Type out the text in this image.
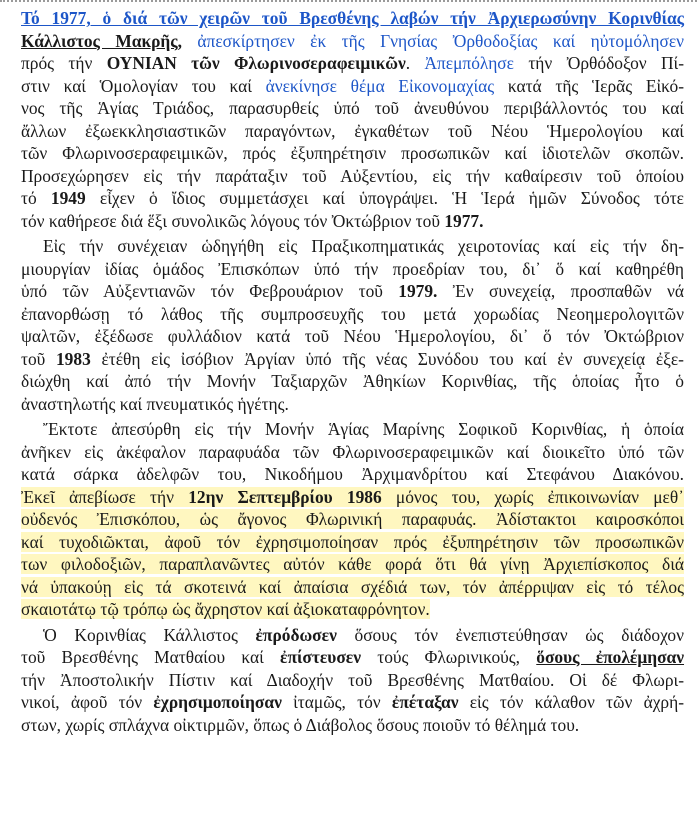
Τό 1977, ὁ διά τῶν χειρῶν τοῦ Βρεσθένης λαβών τήν Ἀρχιερωσύνην Κορινθίας
Κάλλιστος Μακρῆς, ἀπεσκίρτησεν ἐκ τῆς Γνησίας Ὀρθοδοξίας καί ηὐτομόλησεν
πρός τήν ΟΥΝΙΑΝ τῶν Φλωρινοσεραφειμικῶν. Ἀπεμπόλησε τήν Ὀρθόδοξον Πί-
στιν καί Ὁμολογίαν του καί ἀνεκίνησε θέμα Εἰκονομαχίας κατά τῆς Ἱερᾶς Εἰκό-
νος τῆς Ἁγίας Τριάδος, παρασυρθείς ὑπό τοῦ ἀνευθύνου περιβάλλοντός του καί
ἄλλων ἐξωεκκλησιαστικῶν παραγόντων, ἐγκαθέτων τοῦ Νέου Ἡμερολογίου καί
τῶν Φλωρινοσεραφειμικῶν, πρός ἐξυπηρέτησιν προσωπικῶν καί ἰδιοτελῶν σκοπῶν.
Προσεχώρησεν εἰς τήν παράταξιν τοῦ Αὐξεντίου, εἰς τήν καθαίρεσιν τοῦ ὁποίου
τό 1949 εἶχεν ὁ ἴδιος συμμετάσχει καί ὑπογράψει. Ἡ Ἱερά ἡμῶν Σύνοδος τότε
τόν καθήρεσε διά ἕξι συνολικῶς λόγους τόν Ὀκτώβριον τοῦ 1977.
Εἰς τήν συνέχειαν ὡδηγήθη εἰς Πραξικοπηματικάς χειροτονίας καί εἰς τήν δη-
μιουργίαν ἰδίας ὁμάδος Ἐπισκόπων ὑπό τήν προεδρίαν του, δι᾽ ὅ καί καθηρέθη
ὑπό τῶν Αὐξεντιανῶν τόν Φεβρουάριον τοῦ 1979. Ἐν συνεχείᾳ, προσπαθῶν νά
ἐπανορθώσῃ τό λάθος τῆς συμπροσευχῆς του μετά χορωδίας Νεοημερολογιτῶν
ψαλτῶν, ἐξέδωσε φυλλάδιον κατά τοῦ Νέου Ἡμερολογίου, δι᾽ ὅ τόν Ὀκτώβριον
τοῦ 1983 ἐτέθη εἰς ἰσόβιον Ἀργίαν ὑπό τῆς νέας Συνόδου του καί ἐν συνεχείᾳ ἐξε-
διώχθη καί ἀπό τήν Μονήν Ταξιαρχῶν Ἀθηκίων Κορινθίας, τῆς ὁποίας ἦτο ὁ
ἀναστηλωτής καί πνευματικός ἡγέτης.
Ἔκτοτε ἀπεσύρθη εἰς τήν Μονήν Ἁγίας Μαρίνης Σοφικοῦ Κορινθίας, ἡ ὁποία
ἀνῆκεν εἰς ἀκέφαλον παραφυάδα τῶν Φλωρινοσεραφειμικῶν καί διοικεῖτο ὑπό τῶν
κατά σάρκα ἀδελφῶν του, Νικοδήμου Ἀρχιμανδρίτου καί Στεφάνου Διακόνου.
Ἐκεῖ ἀπεβίωσε τήν 12ην Σεπτεμβρίου 1986 μόνος του, χωρίς ἐπικοινωνίαν μεθ᾽
οὐδενός Ἐπισκόπου, ὡς ἄγονος Φλωρινική παραφυάς. Ἀδίστακτοι καιροσκόποι
καί τυχοδιῶκται, ἀφοῦ τόν ἐχρησιμοποίησαν πρός ἐξυπηρέτησιν τῶν προσωπικῶν
των φιλοδοξιῶν, παραπλανῶντες αὐτόν κάθε φορά ὅτι θά γίνῃ Ἀρχιεπίσκοπος διά
νά ὑπακούῃ εἰς τά σκοτεινά καί ἀπαίσια σχέδιά των, τόν ἀπέρριψαν εἰς τό τέλος
σκαιοτάτῳ τῷ τρόπῳ ὡς ἄχρηστον καί ἀξιοκαταφρόνητον.
Ὁ Κορινθίας Κάλλιστος ἐπρόδωσεν ὅσους τόν ἐνεπιστεύθησαν ὡς διάδοχον
τοῦ Βρεσθένης Ματθαίου καί ἐπίστευσεν τούς Φλωρινικούς, ὅσους ἐπολέμησαν
τήν Ἀποστολικήν Πίστιν καί Διαδοχήν τοῦ Βρεσθένης Ματθαίου. Οἱ δέ Φλωρι-
νικοί, ἀφοῦ τόν ἐχρησιμοποίησαν ἰταμῶς, τόν ἐπέταξαν εἰς τόν κάλαθον τῶν ἀχρή-
στων, χωρίς σπλάχνα οἰκτιρμῶν, ὅπως ὁ Διάβολος ὅσους ποιοῦν τό θέλημά του.
